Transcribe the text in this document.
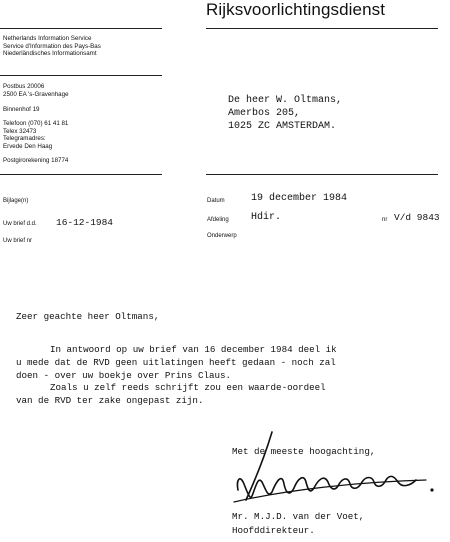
Rijksvoorlichtingsdienst
Netherlands Information Service
Service d'Information des Pays-Bas
Niederländisches Informationsamt
Postbus 20006
2500 EA 's-Gravenhage
Binnenhof 19
Telefoon (070) 61 41 81
Telex 32473
Telegramadres:
Ervede Den Haag
Postgirorekening 18774
De heer W. Oltmans,
Amerbos 205,
1025 ZC AMSTERDAM.
Bijlage(n)
Uw brief d.d. 16-12-1984
Uw brief nr
Datum	19 december 1984
Afdeling Hdir.	nr V/d 9843
Onderwerp
Zeer geachte heer Oltmans,
In antwoord op uw brief van 16 december 1984 deel ik
u mede dat de RVD geen uitlatingen heeft gedaan - noch zal
doen - over uw boekje over Prins Claus.
Zoals u zelf reeds schrijft zou een waarde-oordeel
van de RVD ter zake ongepast zijn.
Met de meeste hoogachting,
Mr. M.J.D. van der Voet,
Hoofddirekteur.
